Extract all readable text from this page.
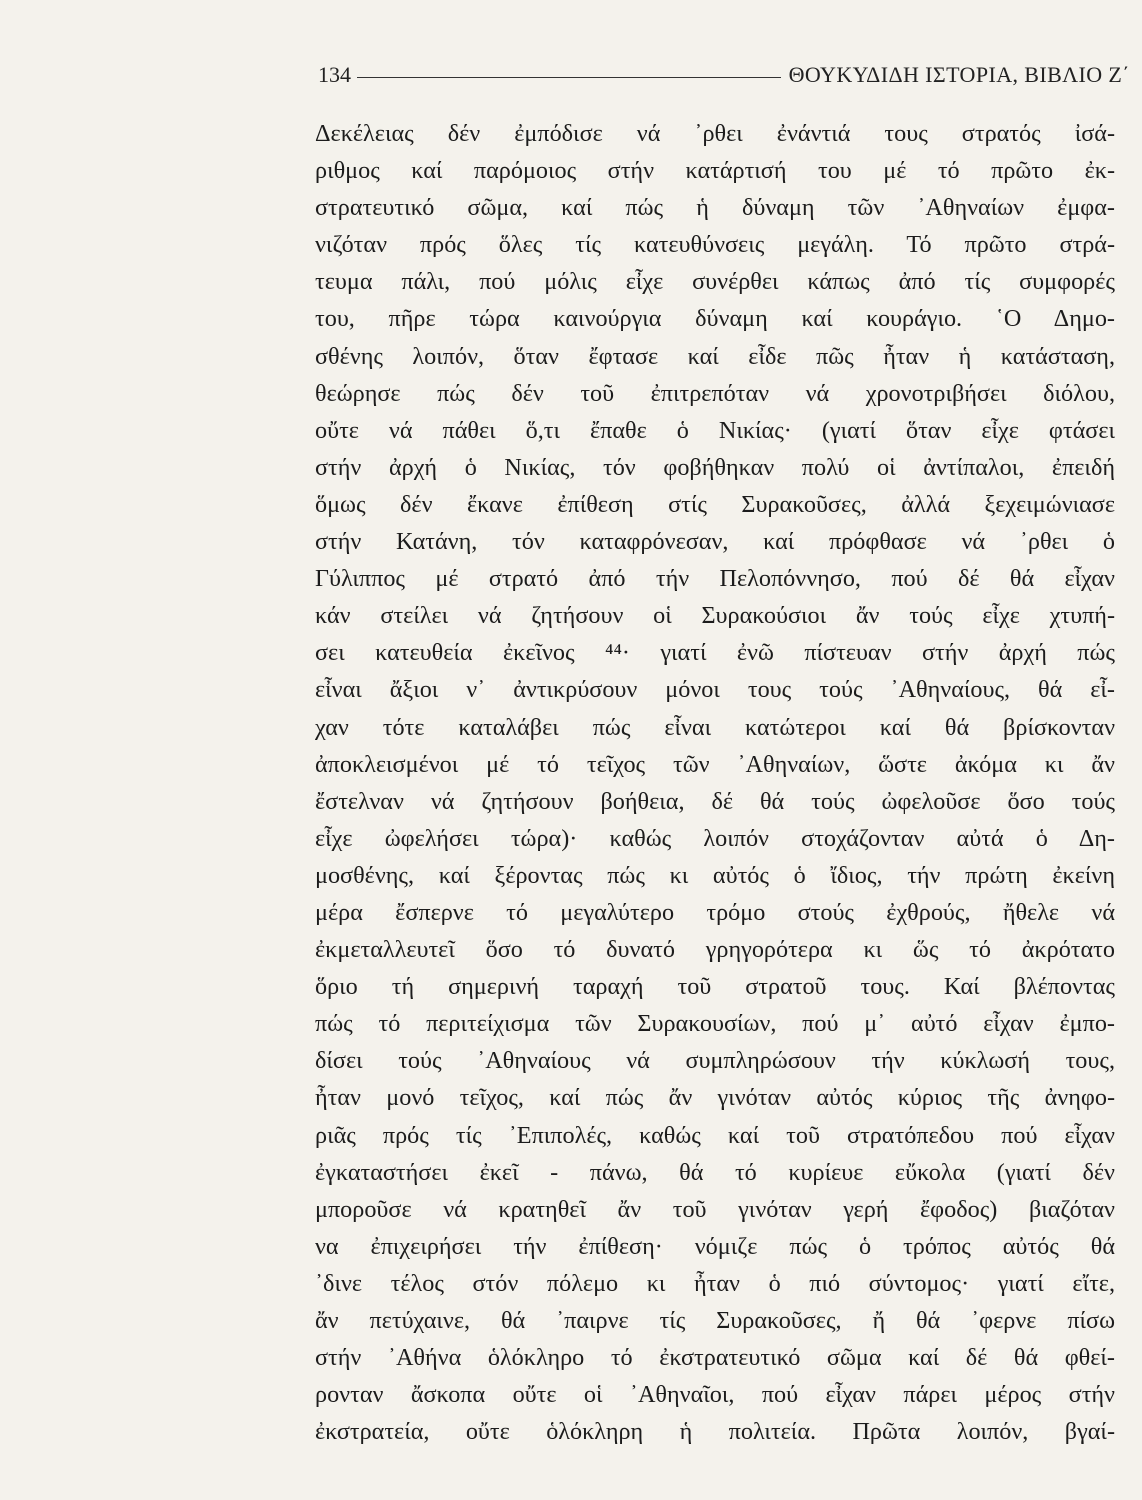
134	ΘΟΥΚΥΔΙΔΗ ΙΣΤΟΡΙΑ, ΒΙΒΛΙΟ Ζ΄
Δεκέλειας δέν ἐμπόδισε νά ᾽ρθει ἐνάντιά τους στρατός ἰσά-
ριθμος καί παρόμοιος στήν κατάρτισή του μέ τό πρῶτο ἐκ-
στρατευτικό σῶμα, καί πώς ἡ δύναμη τῶν ᾽Αθηναίων ἐμφα-
νιζόταν πρός ὅλες τίς κατευθύνσεις μεγάλη. Τό πρῶτο στρά-
τευμα πάλι, πού μόλις εἶχε συνέρθει κάπως ἀπό τίς συμφορές
του, πῆρε τώρα καινούργια δύναμη καί κουράγιο. ῾Ο Δημο-
σθένης λοιπόν, ὅταν ἔφτασε καί εἶδε πῶς ἦταν ἡ κατάσταση,
θεώρησε πώς δέν τοῦ ἐπιτρεπόταν νά χρονοτριβήσει διόλου,
οὔτε νά πάθει ὅ,τι ἔπαθε ὁ Νικίας· (γιατί ὅταν εἶχε φτάσει
στήν ἀρχή ὁ Νικίας, τόν φοβήθηκαν πολύ οἱ ἀντίπαλοι, ἐπειδή
ὅμως δέν ἔκανε ἐπίθεση στίς Συρακοῦσες, ἀλλά ξεχειμώνιασε
στήν Κατάνη, τόν καταφρόνεσαν, καί πρόφθασε νά ᾽ρθει ὁ
Γύλιππος μέ στρατό ἀπό τήν Πελοπόννησο, πού δέ θά εἶχαν
κάν στείλει νά ζητήσουν οἱ Συρακούσιοι ἄν τούς εἶχε χτυπή-
σει κατευθεία ἐκεῖνος ⁴⁴· γιατί ἐνῶ πίστευαν στήν ἀρχή πώς
εἶναι ἄξιοι ν᾽ ἀντικρύσουν μόνοι τους τούς ᾽Αθηναίους, θά εἶ-
χαν τότε καταλάβει πώς εἶναι κατώτεροι καί θά βρίσκονταν
ἀποκλεισμένοι μέ τό τεῖχος τῶν ᾽Αθηναίων, ὥστε ἀκόμα κι ἄν
ἔστελναν νά ζητήσουν βοήθεια, δέ θά τούς ὠφελοῦσε ὅσο τούς
εἶχε ὠφελήσει τώρα)· καθώς λοιπόν στοχάζονταν αὐτά ὁ Δη-
μοσθένης, καί ξέροντας πώς κι αὐτός ὁ ἴδιος, τήν πρώτη ἐκείνη
μέρα ἔσπερνε τό μεγαλύτερο τρόμο στούς ἐχθρούς, ἤθελε νά
ἐκμεταλλευτεῖ ὅσο τό δυνατό γρηγορότερα κι ὥς τό ἀκρότατο
ὅριο τή σημερινή ταραχή τοῦ στρατοῦ τους. Καί βλέποντας
πώς τό περιτείχισμα τῶν Συρακουσίων, πού μ᾽ αὐτό εἶχαν ἐμπο-
δίσει τούς ᾽Αθηναίους νά συμπληρώσουν τήν κύκλωσή τους,
ἦταν μονό τεῖχος, καί πώς ἄν γινόταν αὐτός κύριος τῆς ἀνηφο-
ριᾶς πρός τίς ᾽Επιπολές, καθώς καί τοῦ στρατόπεδου πού εἶχαν
ἐγκαταστήσει ἐκεῖ - πάνω, θά τό κυρίευε εὔκολα (γιατί δέν
μποροῦσε νά κρατηθεῖ ἄν τοῦ γινόταν γερή ἔφοδος) βιαζόταν
να ἐπιχειρήσει τήν ἐπίθεση· νόμιζε πώς ὁ τρόπος αὐτός θά
᾽δινε τέλος στόν πόλεμο κι ἦταν ὁ πιό σύντομος· γιατί εἴτε,
ἄν πετύχαινε, θά ᾽παιρνε τίς Συρακοῦσες, ἤ θά ᾽φερνε πίσω
στήν ᾽Αθήνα ὁλόκληρο τό ἐκστρατευτικό σῶμα καί δέ θά φθεί-
ρονταν ἄσκοπα οὔτε οἱ ᾽Αθηναῖοι, πού εἶχαν πάρει μέρος στήν
ἐκστρατεία, οὔτε ὁλόκληρη ἡ πολιτεία. Πρῶτα λοιπόν, βγαί-
